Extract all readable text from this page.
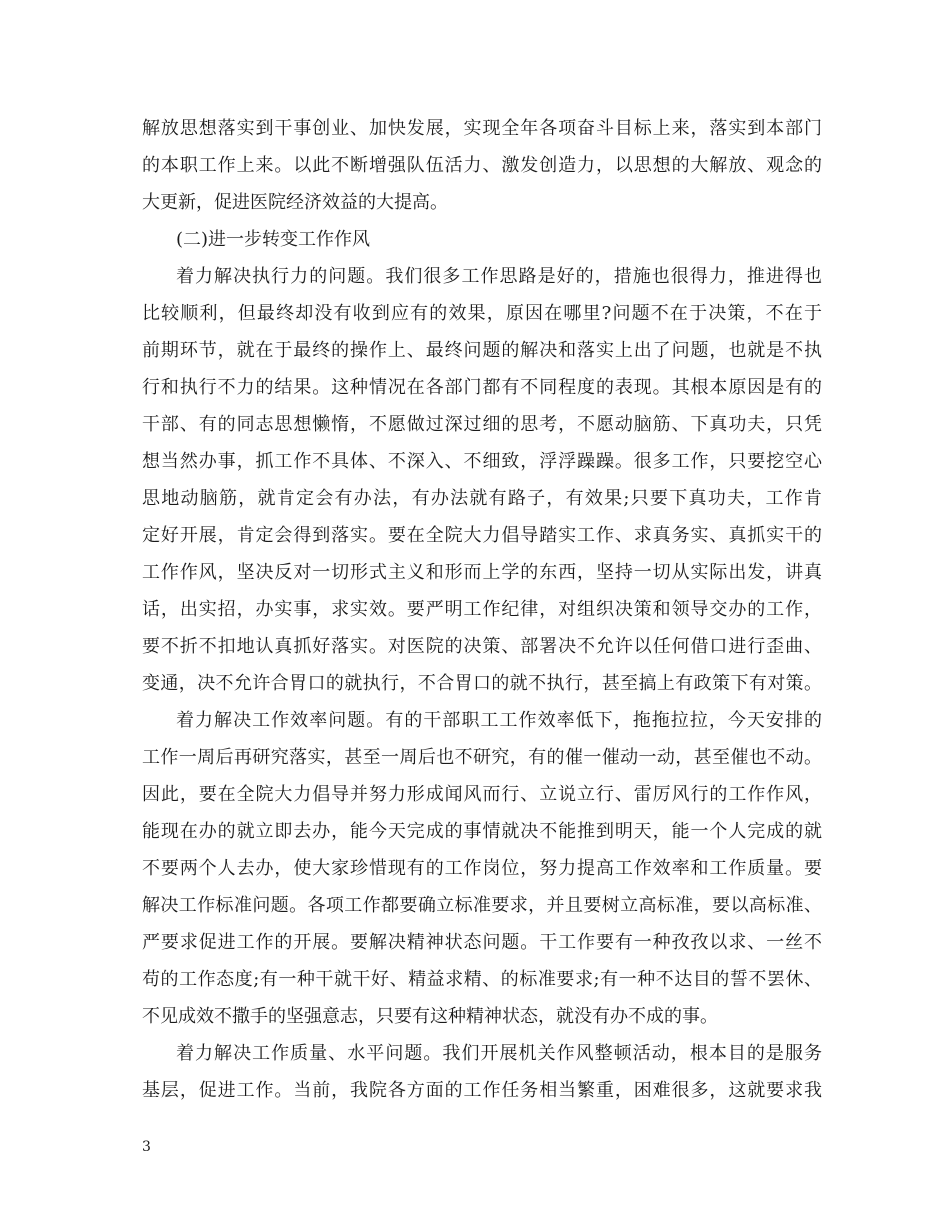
解放思想落实到干事创业、加快发展，实现全年各项奋斗目标上来，落实到本部门
的本职工作上来。以此不断增强队伍活力、激发创造力，以思想的大解放、观念的
大更新，促进医院经济效益的大提高。
(二)进一步转变工作作风
着力解决执行力的问题。我们很多工作思路是好的，措施也很得力，推进得也
比较顺利，但最终却没有收到应有的效果，原因在哪里?问题不在于决策，不在于
前期环节，就在于最终的操作上、最终问题的解决和落实上出了问题，也就是不执
行和执行不力的结果。这种情况在各部门都有不同程度的表现。其根本原因是有的
干部、有的同志思想懒惰，不愿做过深过细的思考，不愿动脑筋、下真功夫，只凭
想当然办事，抓工作不具体、不深入、不细致，浮浮躁躁。很多工作，只要挖空心
思地动脑筋，就肯定会有办法，有办法就有路子，有效果;只要下真功夫，工作肯
定好开展，肯定会得到落实。要在全院大力倡导踏实工作、求真务实、真抓实干的
工作作风，坚决反对一切形式主义和形而上学的东西，坚持一切从实际出发，讲真
话，出实招，办实事，求实效。要严明工作纪律，对组织决策和领导交办的工作，
要不折不扣地认真抓好落实。对医院的决策、部署决不允许以任何借口进行歪曲、
变通，决不允许合胃口的就执行，不合胃口的就不执行，甚至搞上有政策下有对策。
着力解决工作效率问题。有的干部职工工作效率低下，拖拖拉拉，今天安排的
工作一周后再研究落实，甚至一周后也不研究，有的催一催动一动，甚至催也不动。
因此，要在全院大力倡导并努力形成闻风而行、立说立行、雷厉风行的工作作风，
能现在办的就立即去办，能今天完成的事情就决不能推到明天，能一个人完成的就
不要两个人去办，使大家珍惜现有的工作岗位，努力提高工作效率和工作质量。要
解决工作标准问题。各项工作都要确立标准要求，并且要树立高标准，要以高标准、
严要求促进工作的开展。要解决精神状态问题。干工作要有一种孜孜以求、一丝不
苟的工作态度;有一种干就干好、精益求精、的标准要求;有一种不达目的誓不罢休、
不见成效不撒手的坚强意志，只要有这种精神状态，就没有办不成的事。
着力解决工作质量、水平问题。我们开展机关作风整顿活动，根本目的是服务
基层，促进工作。当前，我院各方面的工作任务相当繁重，困难很多，这就要求我
3
